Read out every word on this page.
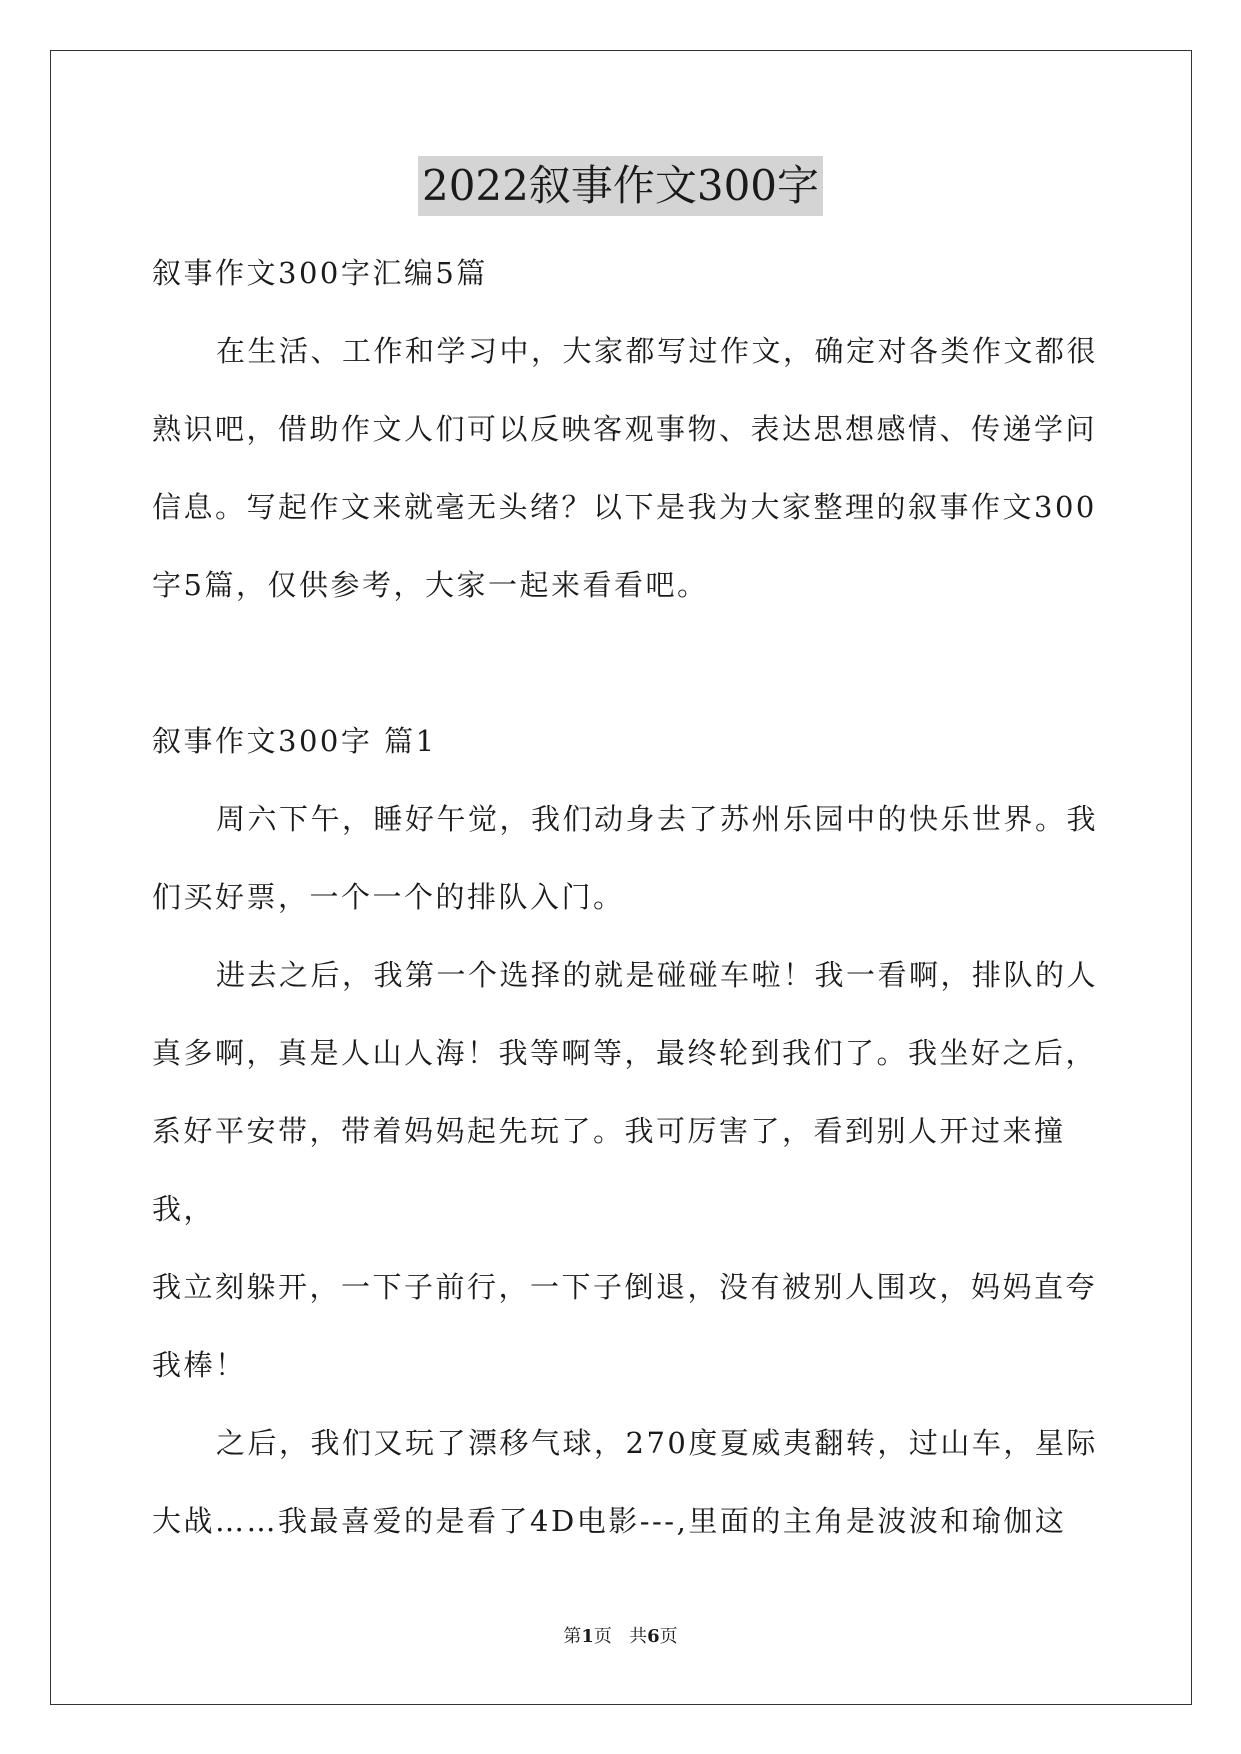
2022叙事作文300字

叙事作文300字汇编5篇

在生活、工作和学习中，大家都写过作文，确定对各类作文都很

熟识吧，借助作文人们可以反映客观事物、表达思想感情、传递学问

信息。写起作文来就毫无头绪？以下是我为大家整理的叙事作文300

字5篇，仅供参考，大家一起来看看吧。

叙事作文300字 篇1

周六下午，睡好午觉，我们动身去了苏州乐园中的快乐世界。我

们买好票，一个一个的排队入门。

进去之后，我第一个选择的就是碰碰车啦！我一看啊，排队的人

真多啊，真是人山人海！我等啊等，最终轮到我们了。我坐好之后，

系好平安带，带着妈妈起先玩了。我可厉害了，看到别人开过来撞我，

我立刻躲开，一下子前行，一下子倒退，没有被别人围攻，妈妈直夸

我棒！

之后，我们又玩了漂移气球，270度夏威夷翻转，过山车，星际

大战……我最喜爱的是看了4D电影---,里面的主角是波波和瑜伽这

第1页 共6页
